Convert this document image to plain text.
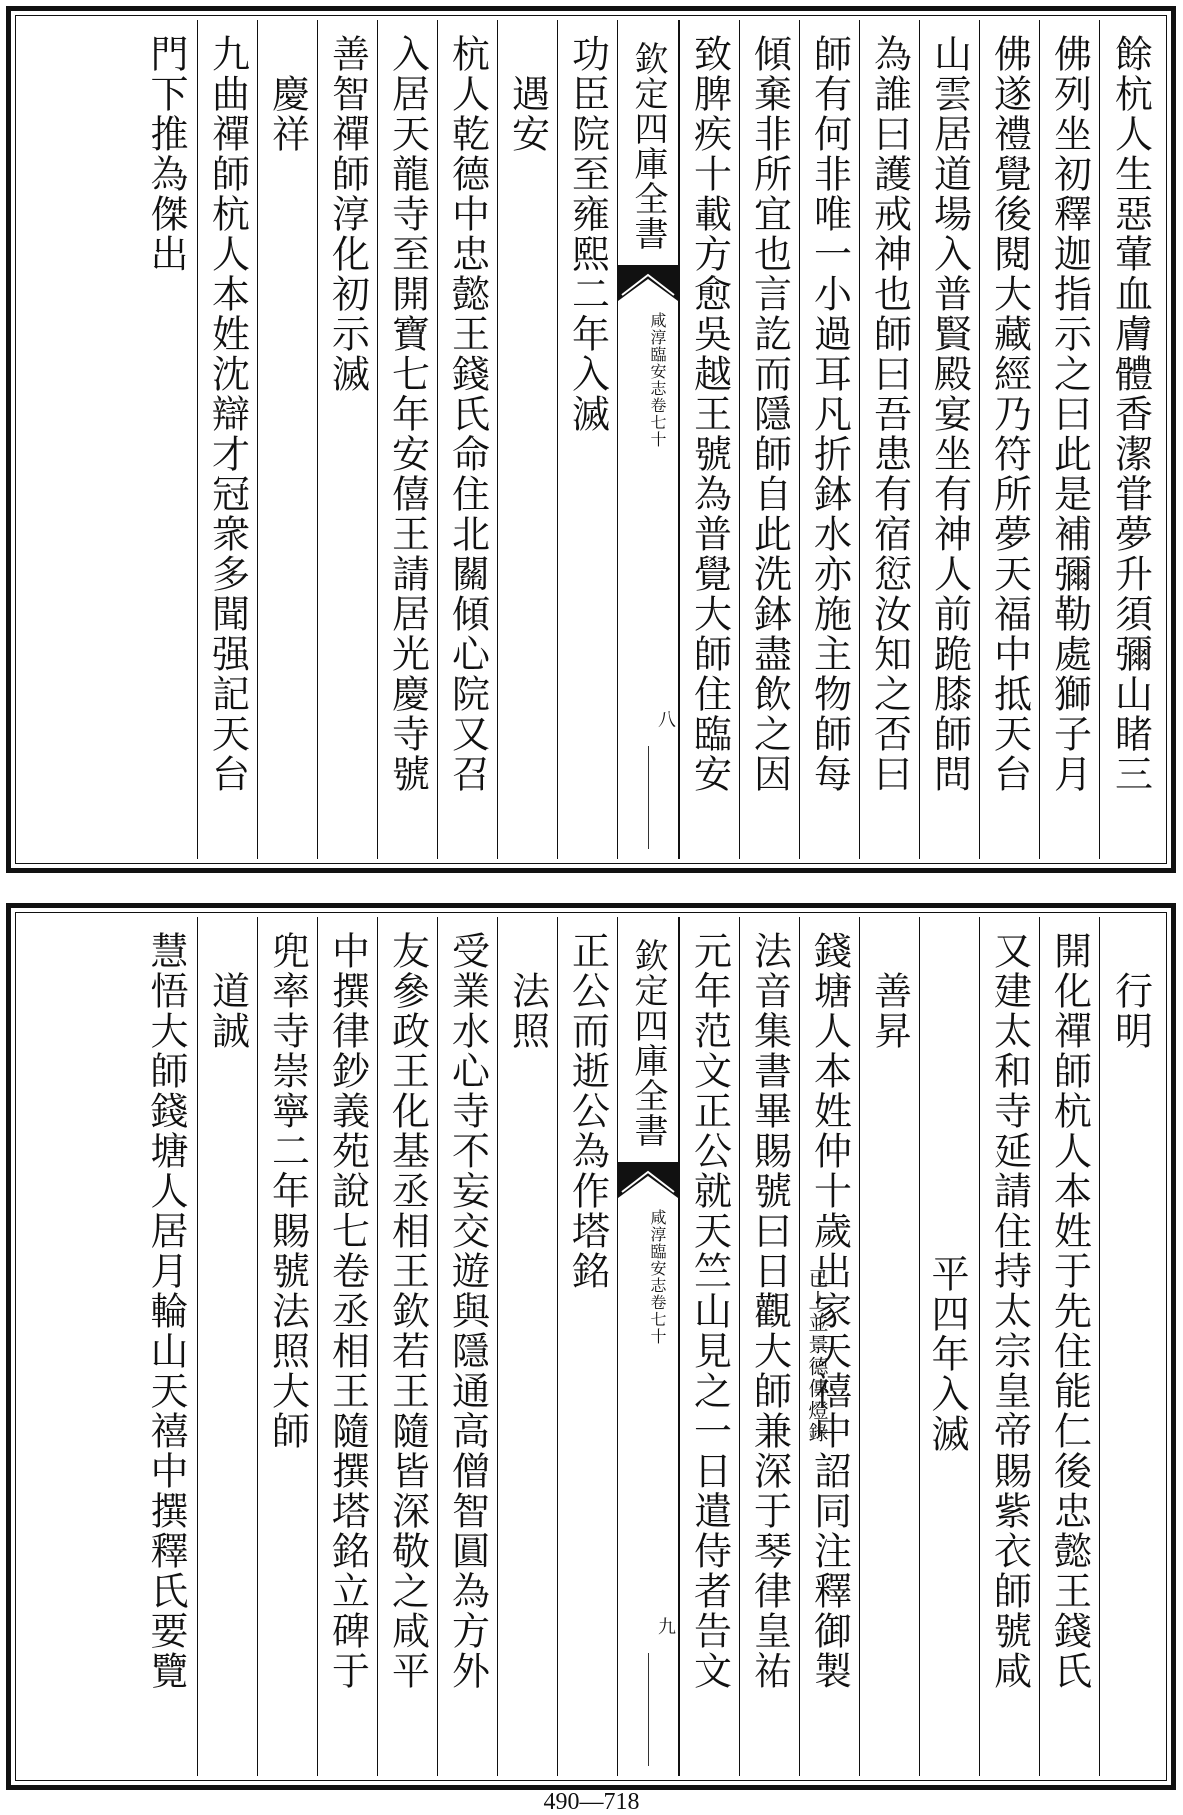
餘杭人生惡葷血膚體香潔甞夢升須彌山睹三
佛列坐初釋迦指示之曰此是補彌勒處獅子月
佛遂禮覺後閱大藏經乃符所夢天福中抵天台
山雲居道場入普賢殿宴坐有神人前跪膝師問
為誰曰護戒神也師曰吾患有宿愆汝知之否曰
師有何非唯一小過耳凡折鉢水亦施主物師每
傾棄非所宜也言訖而隱師自此洗鉢盡飲之因
致脾疾十載方愈吳越王號為普覺大師住臨安
欽定四庫全書
咸淳臨安志卷七十
八
功臣院至雍熙二年入滅
　遇安
杭人乾德中忠懿王錢氏命住北關傾心院又召
入居天龍寺至開寶七年安僖王請居光慶寺號
善智禪師淳化初示滅
　慶祥
九曲禪師杭人本姓沈辯才冠衆多聞强記天台
門下推為傑出
　行明
開化禪師杭人本姓于先住能仁後忠懿王錢氏
又建太和寺延請住持太宗皇帝賜紫衣師號咸
平四年入滅
已上並景
德傳燈錄
　善昇
錢塘人本姓仲十歲出家天禧中詔同注釋御製
法音集書畢賜號曰日觀大師兼深于琴律皇祐
元年范文正公就天竺山見之一日遣侍者告文
欽定四庫全書
咸淳臨安志卷七十
九
正公而逝公為作塔銘
　法照
受業水心寺不妄交遊與隱通高僧智圓為方外
友參政王化基丞相王欽若王隨皆深敬之咸平
中撰律鈔義苑說七卷丞相王隨撰塔銘立碑于
兜率寺崇寧二年賜號法照大師
　道誠
慧悟大師錢塘人居月輪山天禧中撰釋氏要覽
490—718
